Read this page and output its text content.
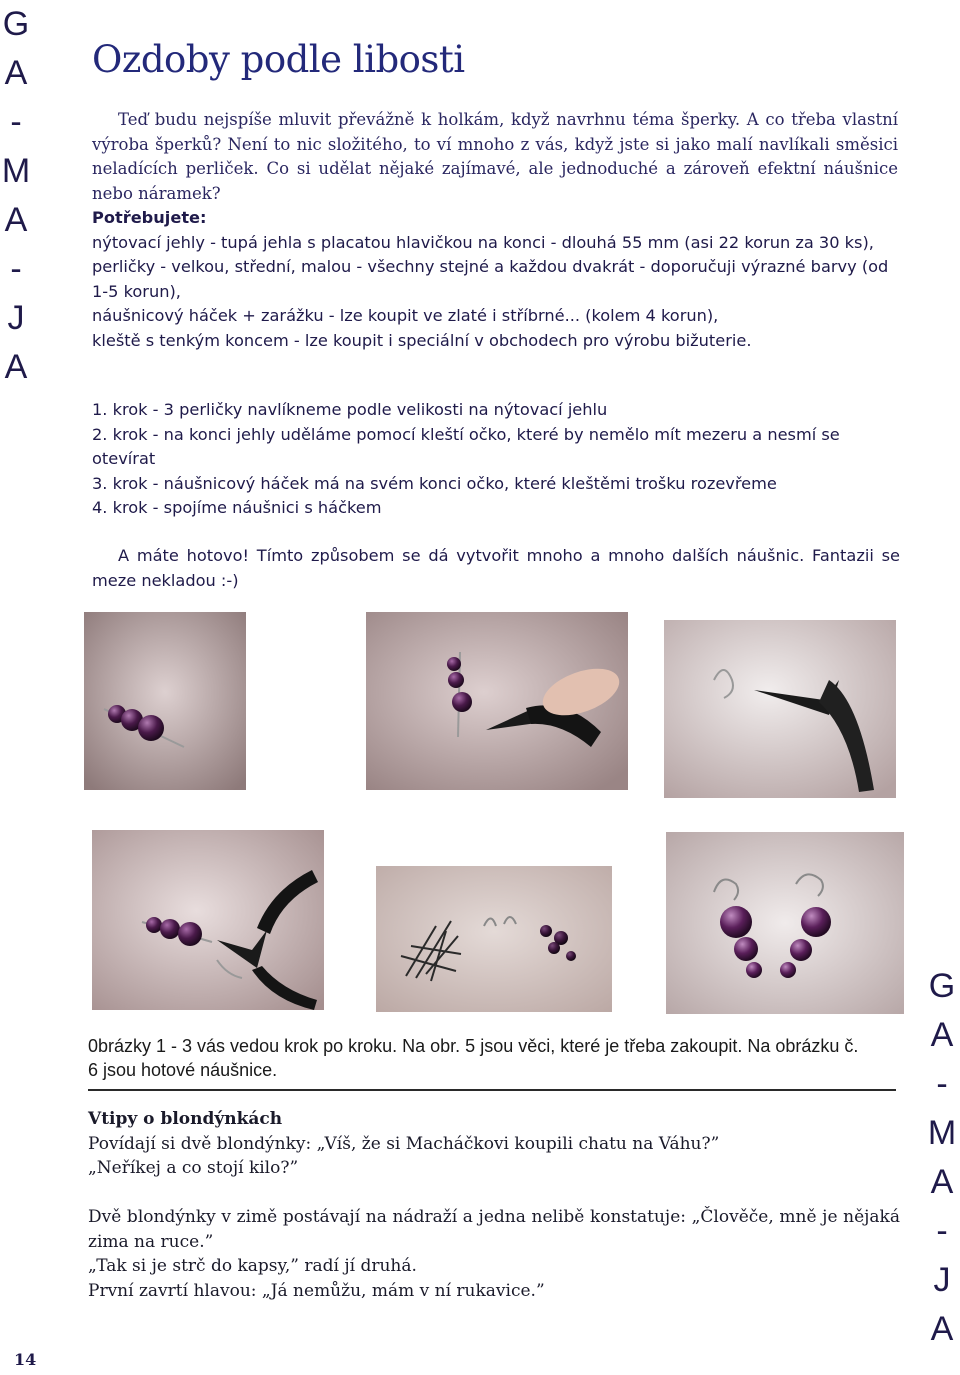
G
A
-
M
A
-
J
A
G
A
-
M
A
-
J
A
Ozdoby podle libosti
Teď budu nejspíše mluvit převážně k holkám, když navrhnu téma šperky. A co třeba vlastní výroba šperků? Není to nic složitého, to ví mnoho z vás, když jste si jako malí navlíkali směsici neladících perliček. Co si udělat nějaké zajímavé, ale jednoduché a zároveň efektní náušnice nebo náramek?

Potřebujete:

nýtovací jehly - tupá jehla s placatou hlavičkou na konci - dlouhá 55 mm (asi 22 korun za 30 ks),

perličky - velkou, střední, malou - všechny stejné a každou dvakrát - doporučuji výrazné barvy (od 1-5 korun),

náušnicový háček + zarážku - lze koupit ve zlaté i stříbrné... (kolem 4 korun),

kleště s tenkým koncem - lze koupit i speciální v obchodech pro výrobu bižuterie.

1. krok - 3 perličky navlíkneme podle velikosti na nýtovací jehlu

2. krok - na konci jehly uděláme pomocí kleští očko, které by nemělo mít mezeru a nesmí se otevírat

3. krok - náušnicový háček má na svém konci očko, které kleštěmi trošku rozevřeme

4. krok - spojíme náušnici s háčkem

A máte hotovo! Tímto způsobem se dá vytvořit mnoho a mnoho dalších náušnic. Fantazii se meze nekladou :-)
0brázky 1 - 3 vás vedou krok po kroku. Na obr. 5 jsou věci, které je třeba zakoupit. Na obrázku č. 6 jsou hotové náušnice.

Vtipy o blondýnkách

Povídají si dvě blondýnky: „Víš, že si Macháčkovi koupili chatu na Váhu?”

„Neříkej a co stojí kilo?”

Dvě blondýnky v zimě postávají na nádraží a jedna nelibě konstatuje: „Člověče, mně je nějaká zima na ruce.”

„Tak si je strč do kapsy,” radí jí druhá.

První zavrtí hlavou: „Já nemůžu, mám v ní rukavice.”

14
